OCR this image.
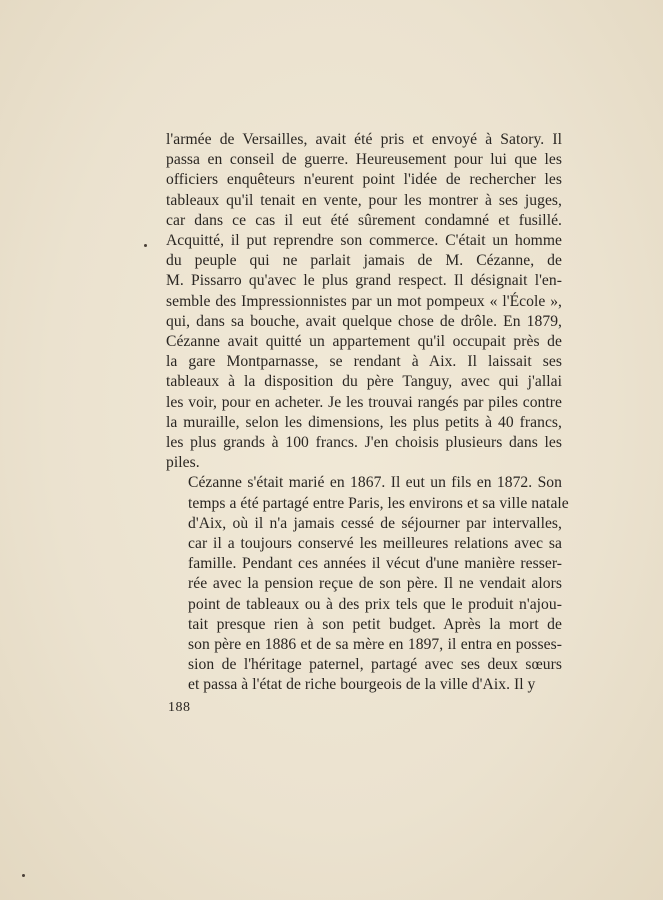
l'armée de Versailles, avait été pris et envoyé à Satory. Il
passa en conseil de guerre. Heureusement pour lui que les
officiers enquêteurs n'eurent point l'idée de rechercher les
tableaux qu'il tenait en vente, pour les montrer à ses juges,
car dans ce cas il eut été sûrement condamné et fusillé.
Acquitté, il put reprendre son commerce. C'était un homme
du peuple qui ne parlait jamais de M. Cézanne, de
M. Pissarro qu'avec le plus grand respect. Il désignait l'en-
semble des Impressionnistes par un mot pompeux « l'École »,
qui, dans sa bouche, avait quelque chose de drôle. En 1879,
Cézanne avait quitté un appartement qu'il occupait près de
la gare Montparnasse, se rendant à Aix. Il laissait ses
tableaux à la disposition du père Tanguy, avec qui j'allai
les voir, pour en acheter. Je les trouvai rangés par piles contre
la muraille, selon les dimensions, les plus petits à 40 francs,
les plus grands à 100 francs. J'en choisis plusieurs dans les
piles.

Cézanne s'était marié en 1867. Il eut un fils en 1872. Son
temps a été partagé entre Paris, les environs et sa ville natale
d'Aix, où il n'a jamais cessé de séjourner par intervalles,
car il a toujours conservé les meilleures relations avec sa
famille. Pendant ces années il vécut d'une manière resser-
rée avec la pension reçue de son père. Il ne vendait alors
point de tableaux ou à des prix tels que le produit n'ajou-
tait presque rien à son petit budget. Après la mort de
son père en 1886 et de sa mère en 1897, il entra en posses-
sion de l'héritage paternel, partagé avec ses deux sœurs
et passa à l'état de riche bourgeois de la ville d'Aix. Il y

188
